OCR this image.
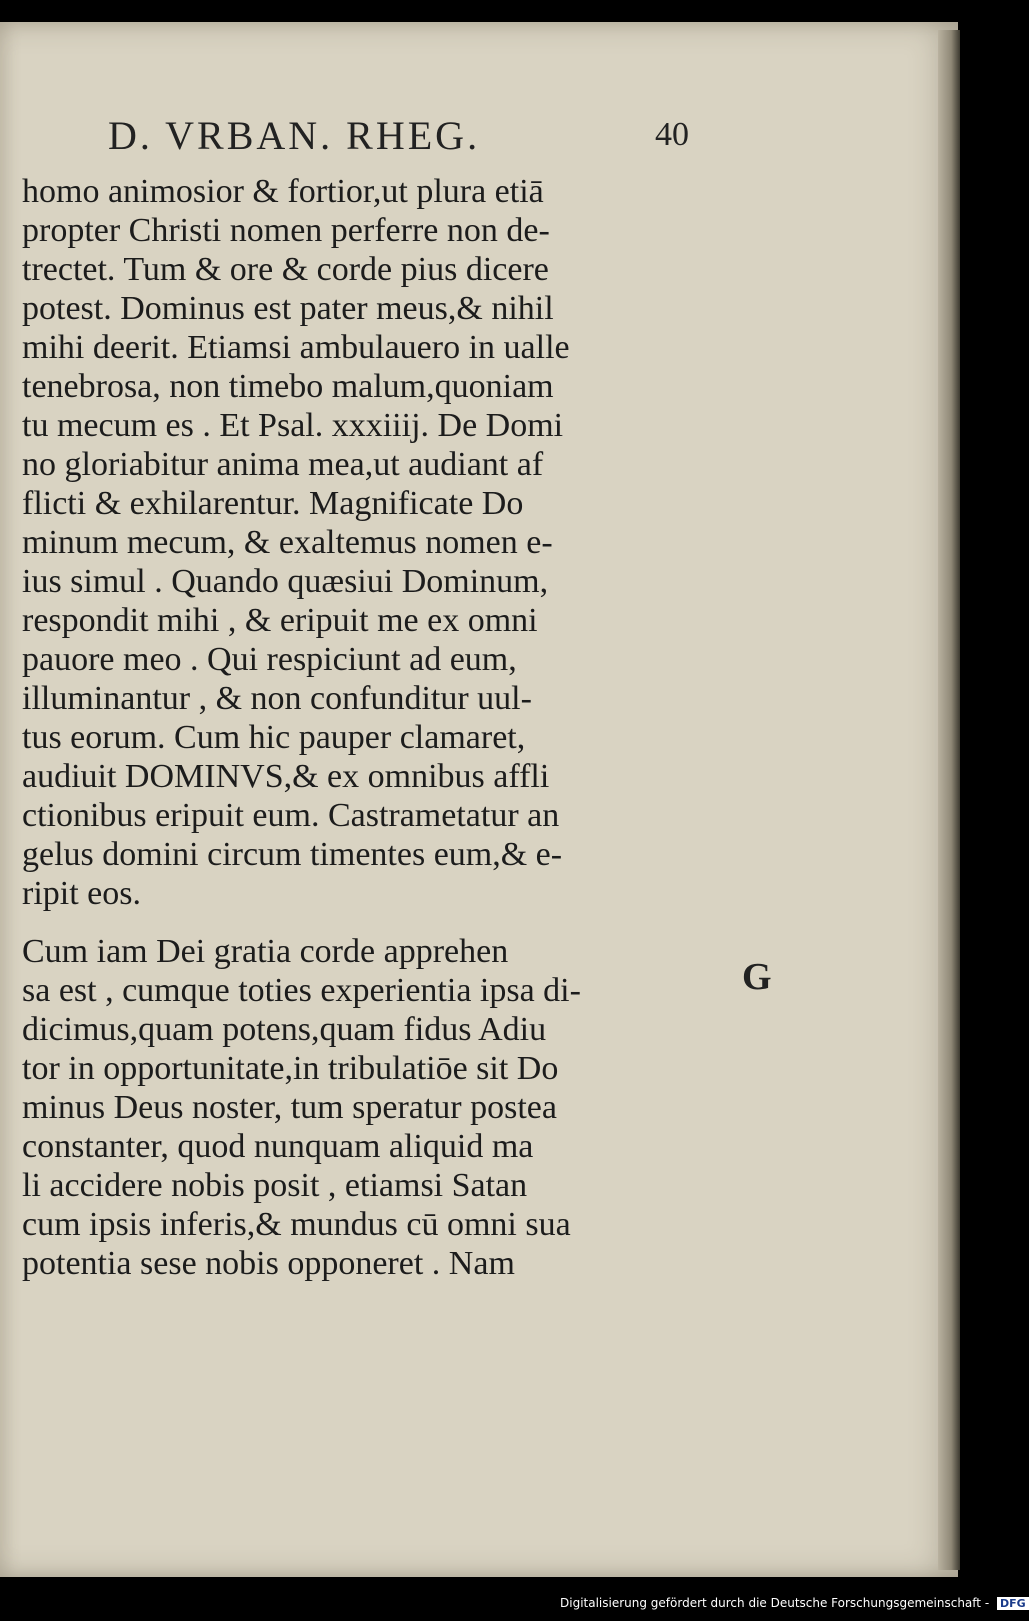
D. VRBAN. RHEG.	40
homo animosior & fortior,ut plura etiā
propter Christi nomen perferre non de-
trectet. Tum & ore & corde pius dicere
potest. Dominus est pater meus,& nihil
mihi deerit. Etiamsi ambulauero in ualle
tenebrosa, non timebo malum,quoniam
tu mecum es . Et Psal. xxxiiij. De Domi
no gloriabitur anima mea,ut audiant af
flicti & exhilarentur. Magnificate Do
minum mecum, & exaltemus nomen e-
ius simul . Quando quæsiui Dominum,
respondit mihi , & eripuit me ex omni
pauore meo . Qui respiciunt ad eum,
illuminantur , & non confunditur uul-
tus eorum. Cum hic pauper clamaret,
audiuit DOMINVS,& ex omnibus affli
ctionibus eripuit eum. Castrametatur an
gelus domini circum timentes eum,& e-
ripit eos.
Cum iam Dei gratia corde apprehen
sa est , cumque toties experientia ipsa di-
dicimus,quam potens,quam fidus Adiu
tor in opportunitate,in tribulatiōe sit Do
minus Deus noster, tum speratur postea
constanter, quod nunquam aliquid ma
li accidere nobis posit , etiamsi Satan
cum ipsis inferis,& mundus cū omni sua
potentia sese nobis opponeret . Nam
G
Digitalisierung gefördert durch die Deutsche Forschungsgemeinschaft - DFG
